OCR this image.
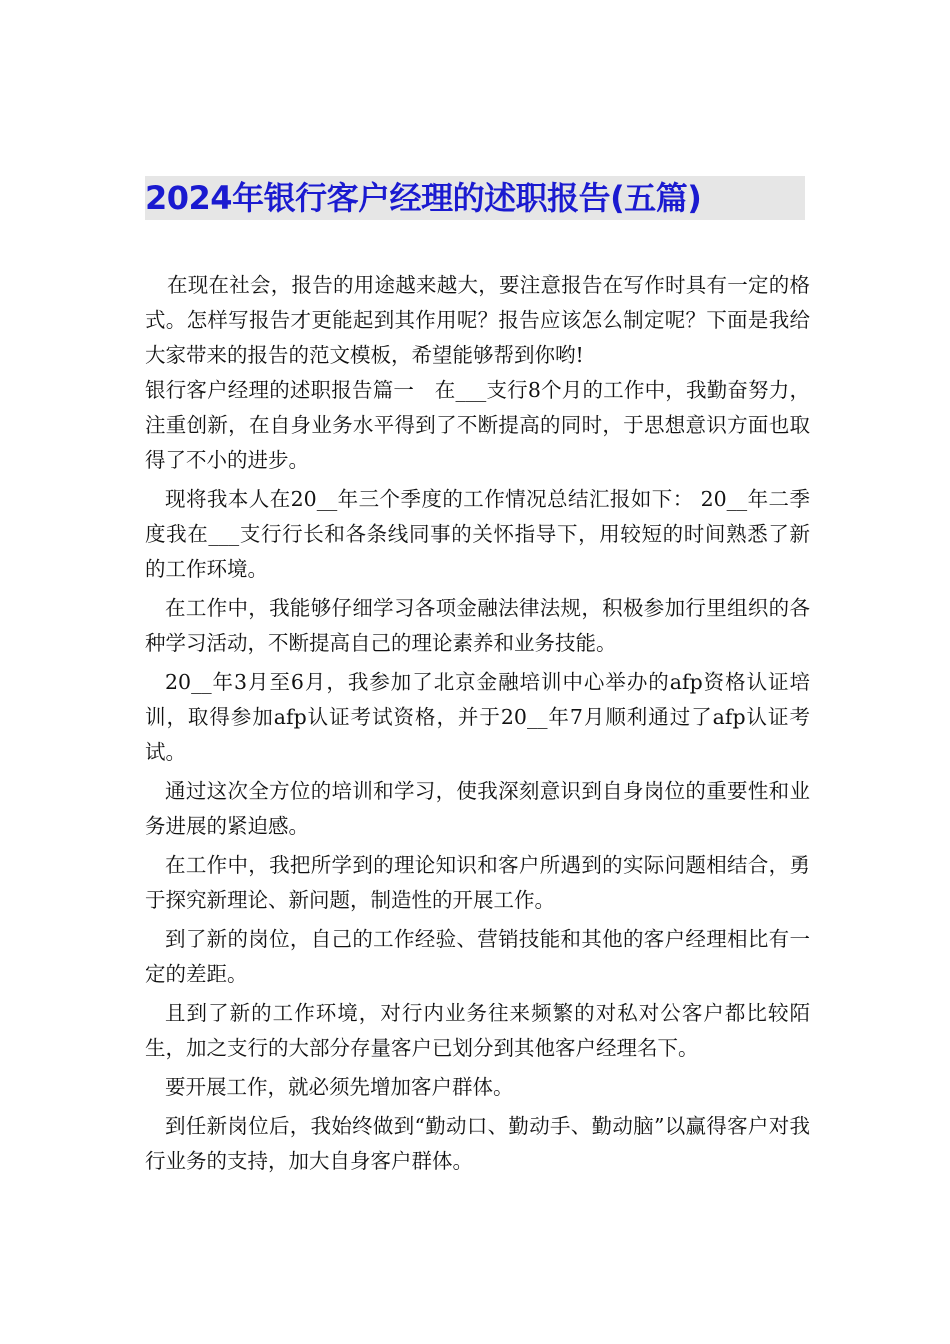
2024年银行客户经理的述职报告(五篇)

在现在社会，报告的用途越来越大，要注意报告在写作时具有一定的格式。怎样写报告才更能起到其作用呢？报告应该怎么制定呢？下面是我给大家带来的报告的范文模板，希望能够帮到你哟!

银行客户经理的述职报告篇一　在___支行8个月的工作中，我勤奋努力，注重创新，在自身业务水平得到了不断提高的同时，于思想意识方面也取得了不小的进步。

现将我本人在20__年三个季度的工作情况总结汇报如下： 20__年二季度我在___支行行长和各条线同事的关怀指导下，用较短的时间熟悉了新的工作环境。

在工作中，我能够仔细学习各项金融法律法规，积极参加行里组织的各种学习活动，不断提高自己的理论素养和业务技能。

20__年3月至6月，我参加了北京金融培训中心举办的afp资格认证培训，取得参加afp认证考试资格，并于20__年7月顺利通过了afp认证考试。

通过这次全方位的培训和学习，使我深刻意识到自身岗位的重要性和业务进展的紧迫感。

在工作中，我把所学到的理论知识和客户所遇到的实际问题相结合，勇于探究新理论、新问题，制造性的开展工作。

到了新的岗位，自己的工作经验、营销技能和其他的客户经理相比有一定的差距。

且到了新的工作环境，对行内业务往来频繁的对私对公客户都比较陌生，加之支行的大部分存量客户已划分到其他客户经理名下。

要开展工作，就必须先增加客户群体。

到任新岗位后，我始终做到“勤动口、勤动手、勤动脑”以赢得客户对我行业务的支持，加大自身客户群体。
